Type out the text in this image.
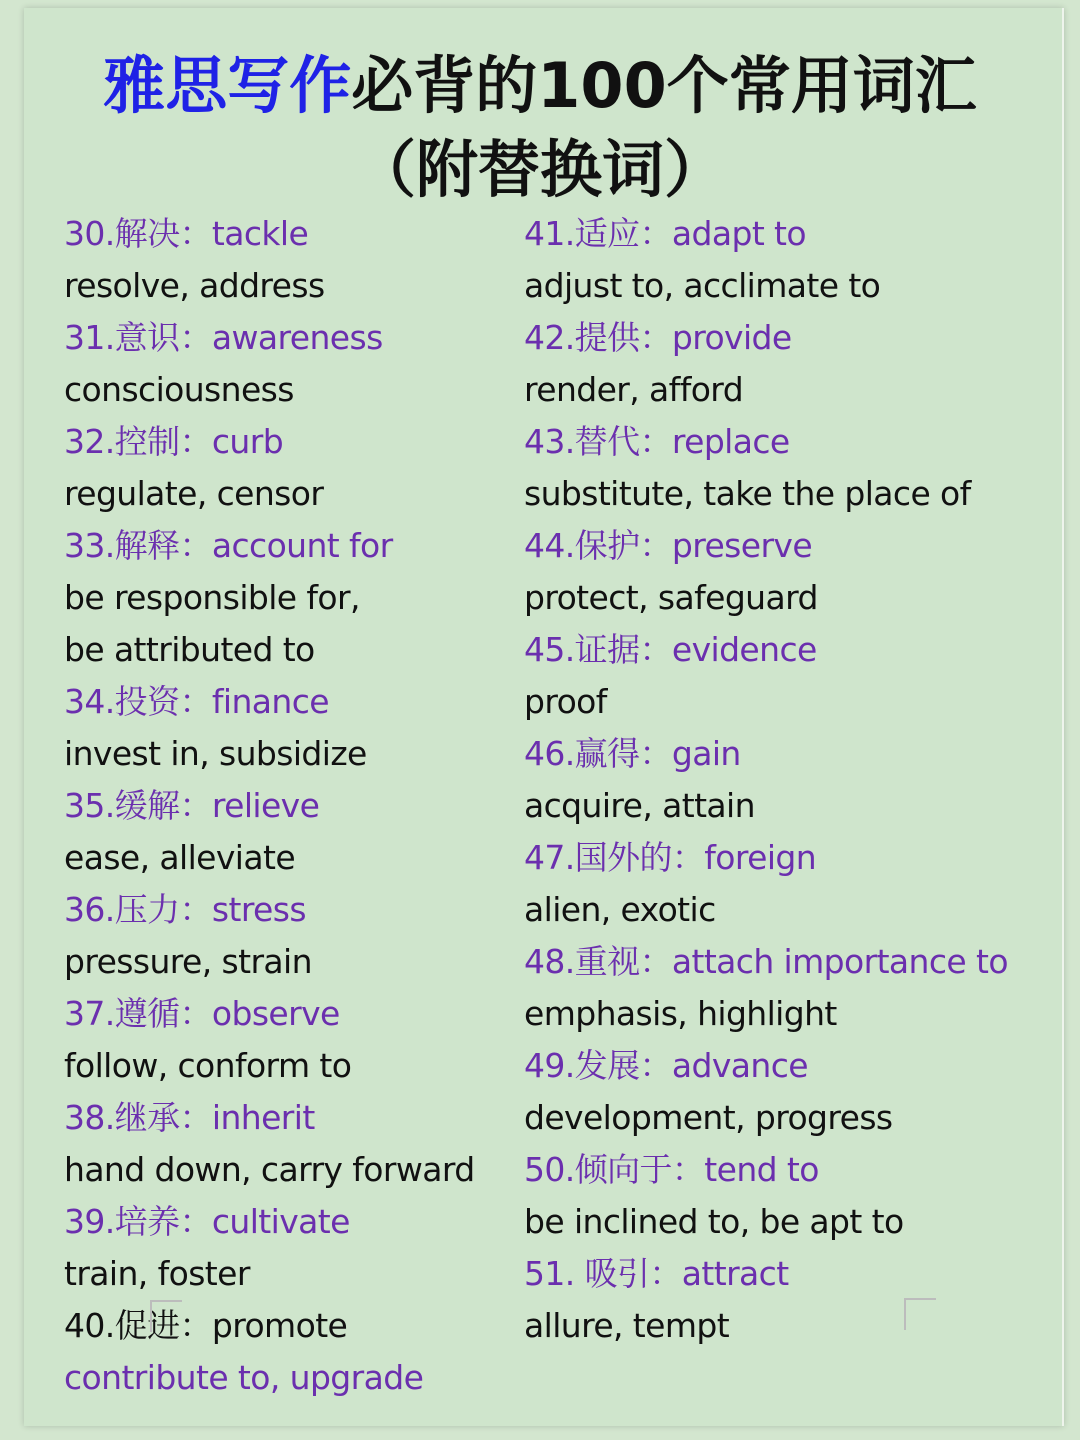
雅思写作必背的100个常用词汇
（附替换词）
30.解决：tackle
resolve, address
31.意识：awareness
consciousness
32.控制：curb
regulate, censor
33.解释：account for
be responsible for,
be attributed to
34.投资：finance
invest in, subsidize
35.缓解：relieve
ease, alleviate
36.压力：stress
pressure, strain
37.遵循：observe
follow, conform to
38.继承：inherit
hand down, carry forward
39.培养：cultivate
train, foster
40.促进：promote
contribute to, upgrade
41.适应：adapt to
adjust to, acclimate to
42.提供：provide
render, afford
43.替代：replace
substitute, take the place of
44.保护：preserve
protect, safeguard
45.证据：evidence
proof
46.赢得：gain
acquire, attain
47.国外的：foreign
alien, exotic
48.重视：attach importance to
emphasis, highlight
49.发展：advance
development, progress
50.倾向于：tend to
be inclined to, be apt to
51. 吸引：attract
allure, tempt
